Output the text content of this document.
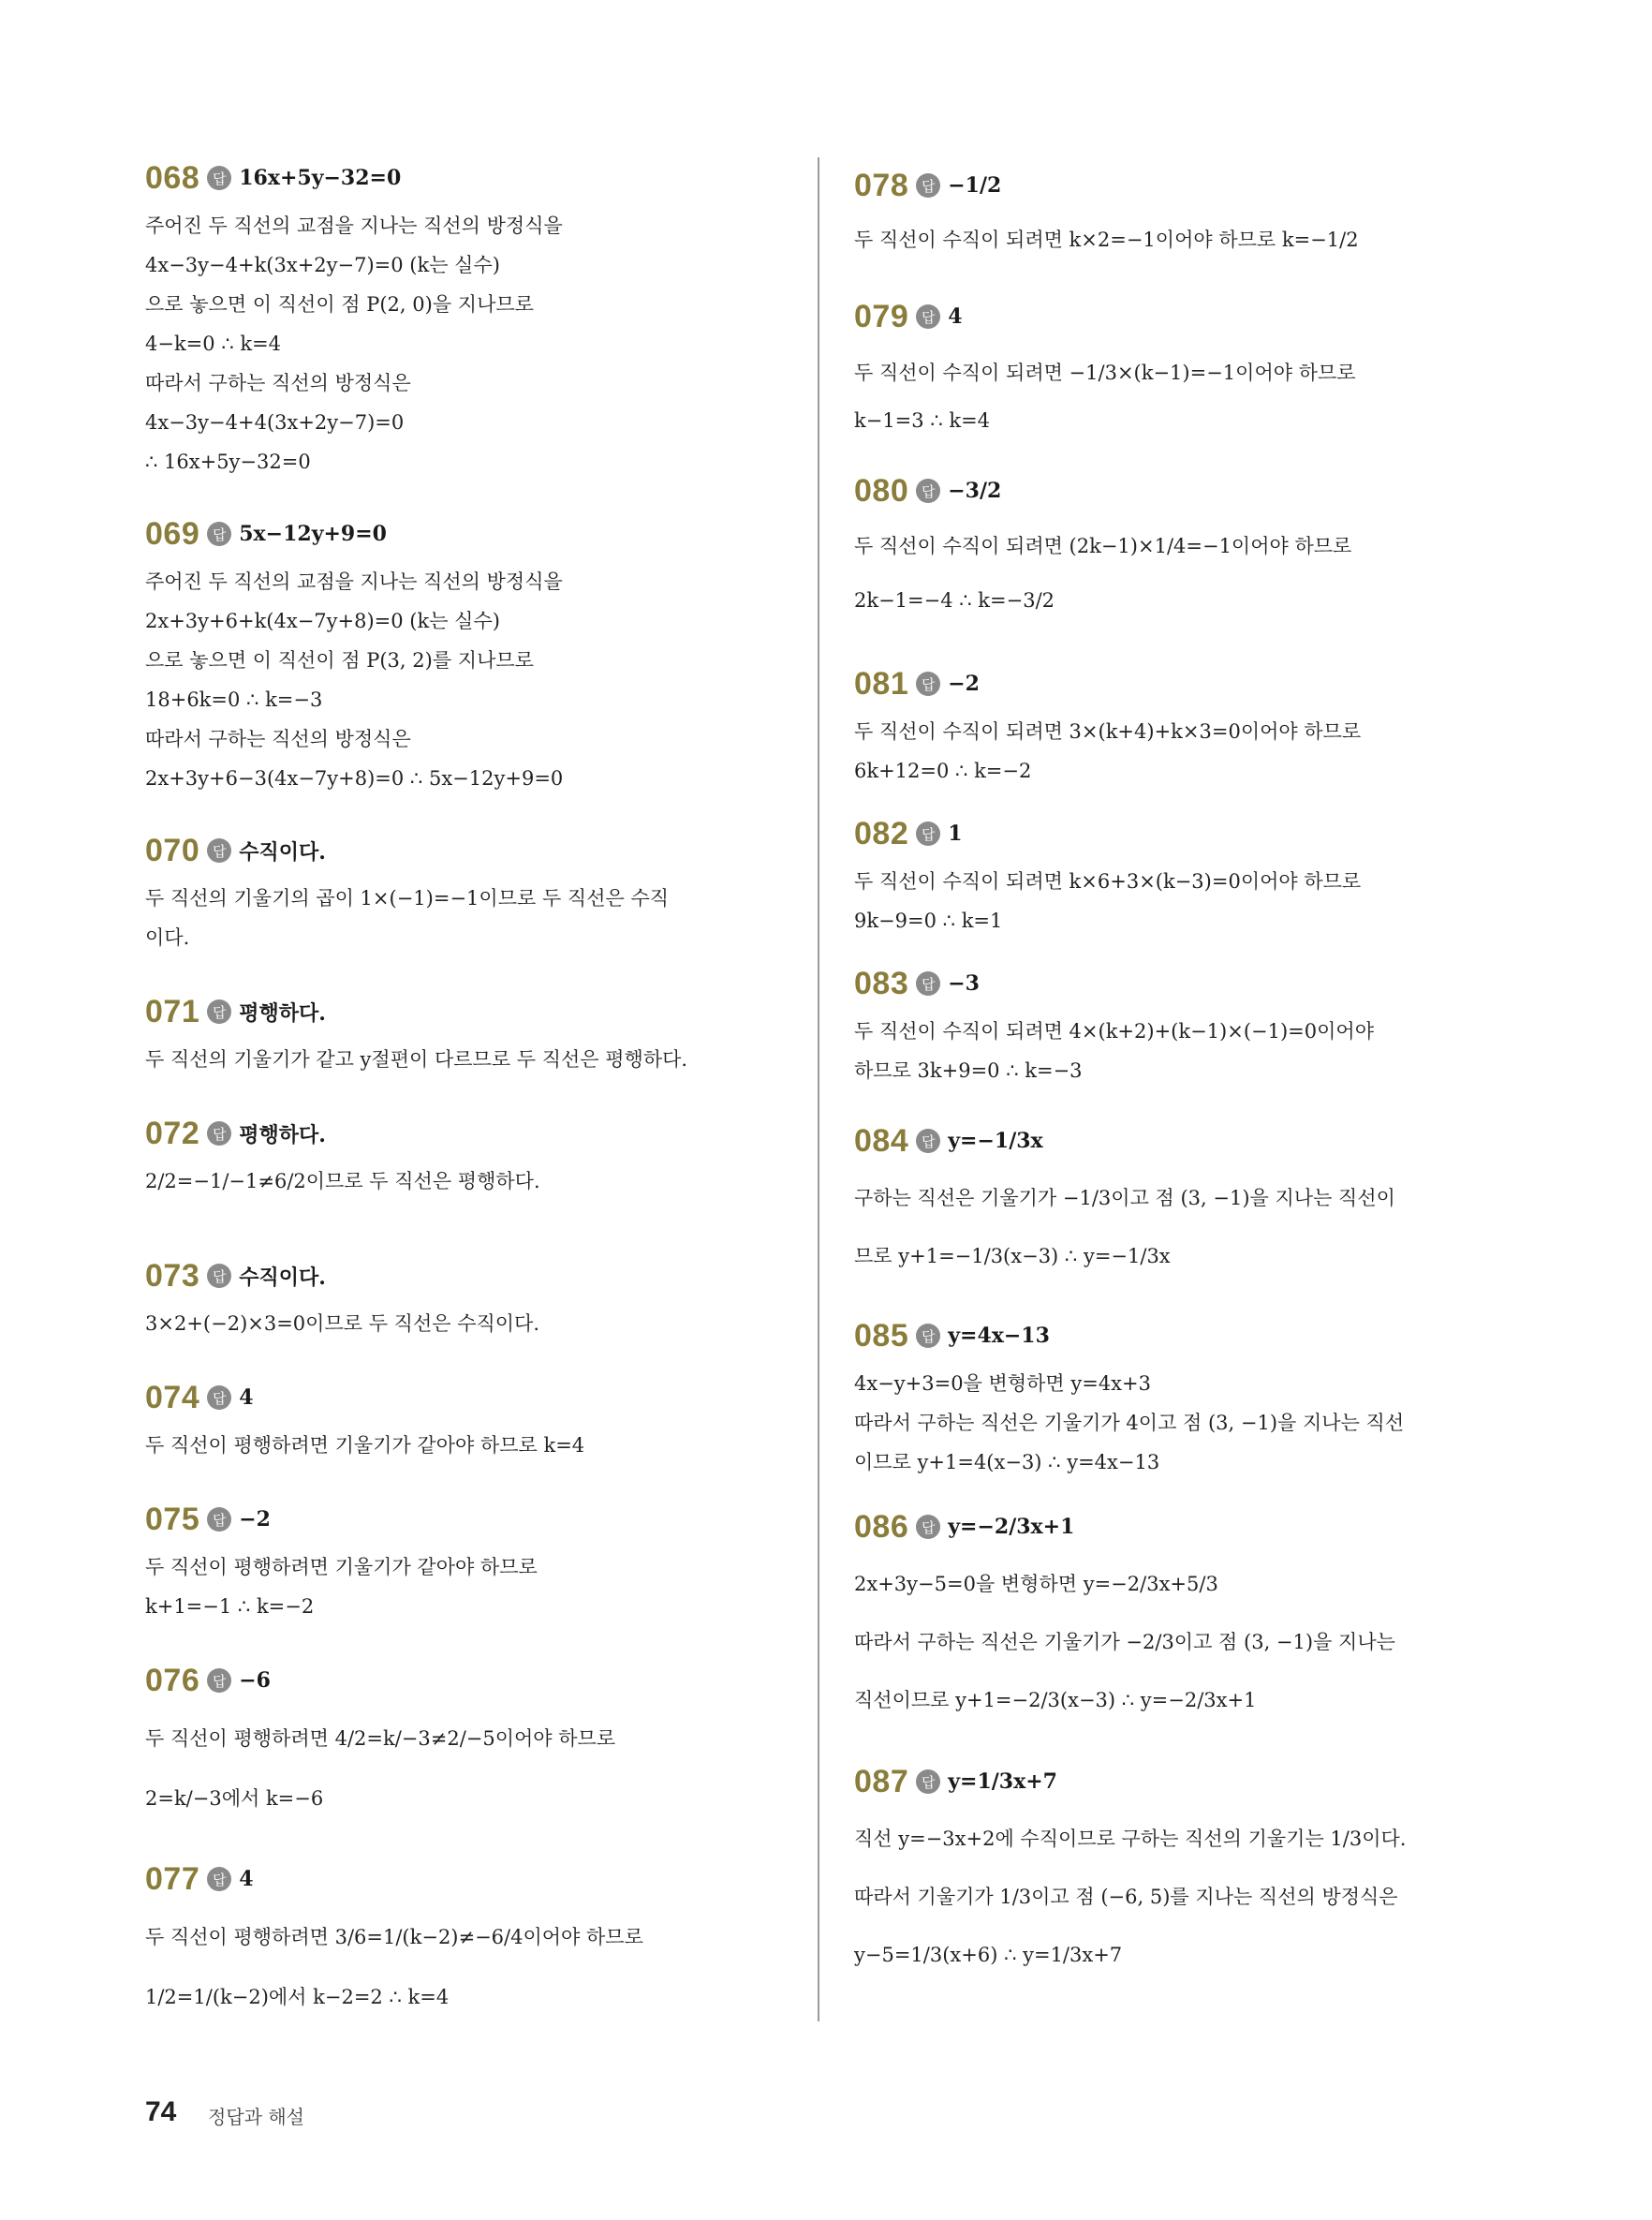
068 답 16x+5y−32=0
주어진 두 직선의 교점을 지나는 직선의 방정식을
4x−3y−4+k(3x+2y−7)=0 (k는 실수)
으로 놓으면 이 직선이 점 P(2, 0)을 지나므로
4−k=0 ∴ k=4
따라서 구하는 직선의 방정식은
4x−3y−4+4(3x+2y−7)=0
∴ 16x+5y−32=0
069 답 5x−12y+9=0
주어진 두 직선의 교점을 지나는 직선의 방정식을
2x+3y+6+k(4x−7y+8)=0 (k는 실수)
으로 놓으면 이 직선이 점 P(3, 2)를 지나므로
18+6k=0 ∴ k=−3
따라서 구하는 직선의 방정식은
2x+3y+6−3(4x−7y+8)=0 ∴ 5x−12y+9=0
070 답 수직이다.
두 직선의 기울기의 곱이 1×(−1)=−1이므로 두 직선은 수직
이다.
071 답 평행하다.
두 직선의 기울기가 같고 y절편이 다르므로 두 직선은 평행하다.
072 답 평행하다.
2/2=−1/−1≠6/2이므로 두 직선은 평행하다.
073 답 수직이다.
3×2+(−2)×3=0이므로 두 직선은 수직이다.
074 답 4
두 직선이 평행하려면 기울기가 같아야 하므로 k=4
075 답 −2
두 직선이 평행하려면 기울기가 같아야 하므로
k+1=−1 ∴ k=−2
076 답 −6
두 직선이 평행하려면 4/2=k/−3≠2/−5이어야 하므로
2=k/−3에서 k=−6
077 답 4
두 직선이 평행하려면 3/6=1/(k−2)≠−6/4이어야 하므로
1/2=1/(k−2)에서 k−2=2 ∴ k=4
078 답 −1/2
두 직선이 수직이 되려면 k×2=−1이어야 하므로 k=−1/2
079 답 4
두 직선이 수직이 되려면 −1/3×(k−1)=−1이어야 하므로
k−1=3 ∴ k=4
080 답 −3/2
두 직선이 수직이 되려면 (2k−1)×1/4=−1이어야 하므로
2k−1=−4 ∴ k=−3/2
081 답 −2
두 직선이 수직이 되려면 3×(k+4)+k×3=0이어야 하므로
6k+12=0 ∴ k=−2
082 답 1
두 직선이 수직이 되려면 k×6+3×(k−3)=0이어야 하므로
9k−9=0 ∴ k=1
083 답 −3
두 직선이 수직이 되려면 4×(k+2)+(k−1)×(−1)=0이어야
하므로 3k+9=0 ∴ k=−3
084 답 y=−1/3x
구하는 직선은 기울기가 −1/3이고 점 (3, −1)을 지나는 직선이
므로 y+1=−1/3(x−3) ∴ y=−1/3x
085 답 y=4x−13
4x−y+3=0을 변형하면 y=4x+3
따라서 구하는 직선은 기울기가 4이고 점 (3, −1)을 지나는 직선
이므로 y+1=4(x−3) ∴ y=4x−13
086 답 y=−2/3x+1
2x+3y−5=0을 변형하면 y=−2/3x+5/3
따라서 구하는 직선은 기울기가 −2/3이고 점 (3, −1)을 지나는
직선이므로 y+1=−2/3(x−3) ∴ y=−2/3x+1
087 답 y=1/3x+7
직선 y=−3x+2에 수직이므로 구하는 직선의 기울기는 1/3이다.
따라서 기울기가 1/3이고 점 (−6, 5)를 지나는 직선의 방정식은
y−5=1/3(x+6) ∴ y=1/3x+7
74 정답과 해설
